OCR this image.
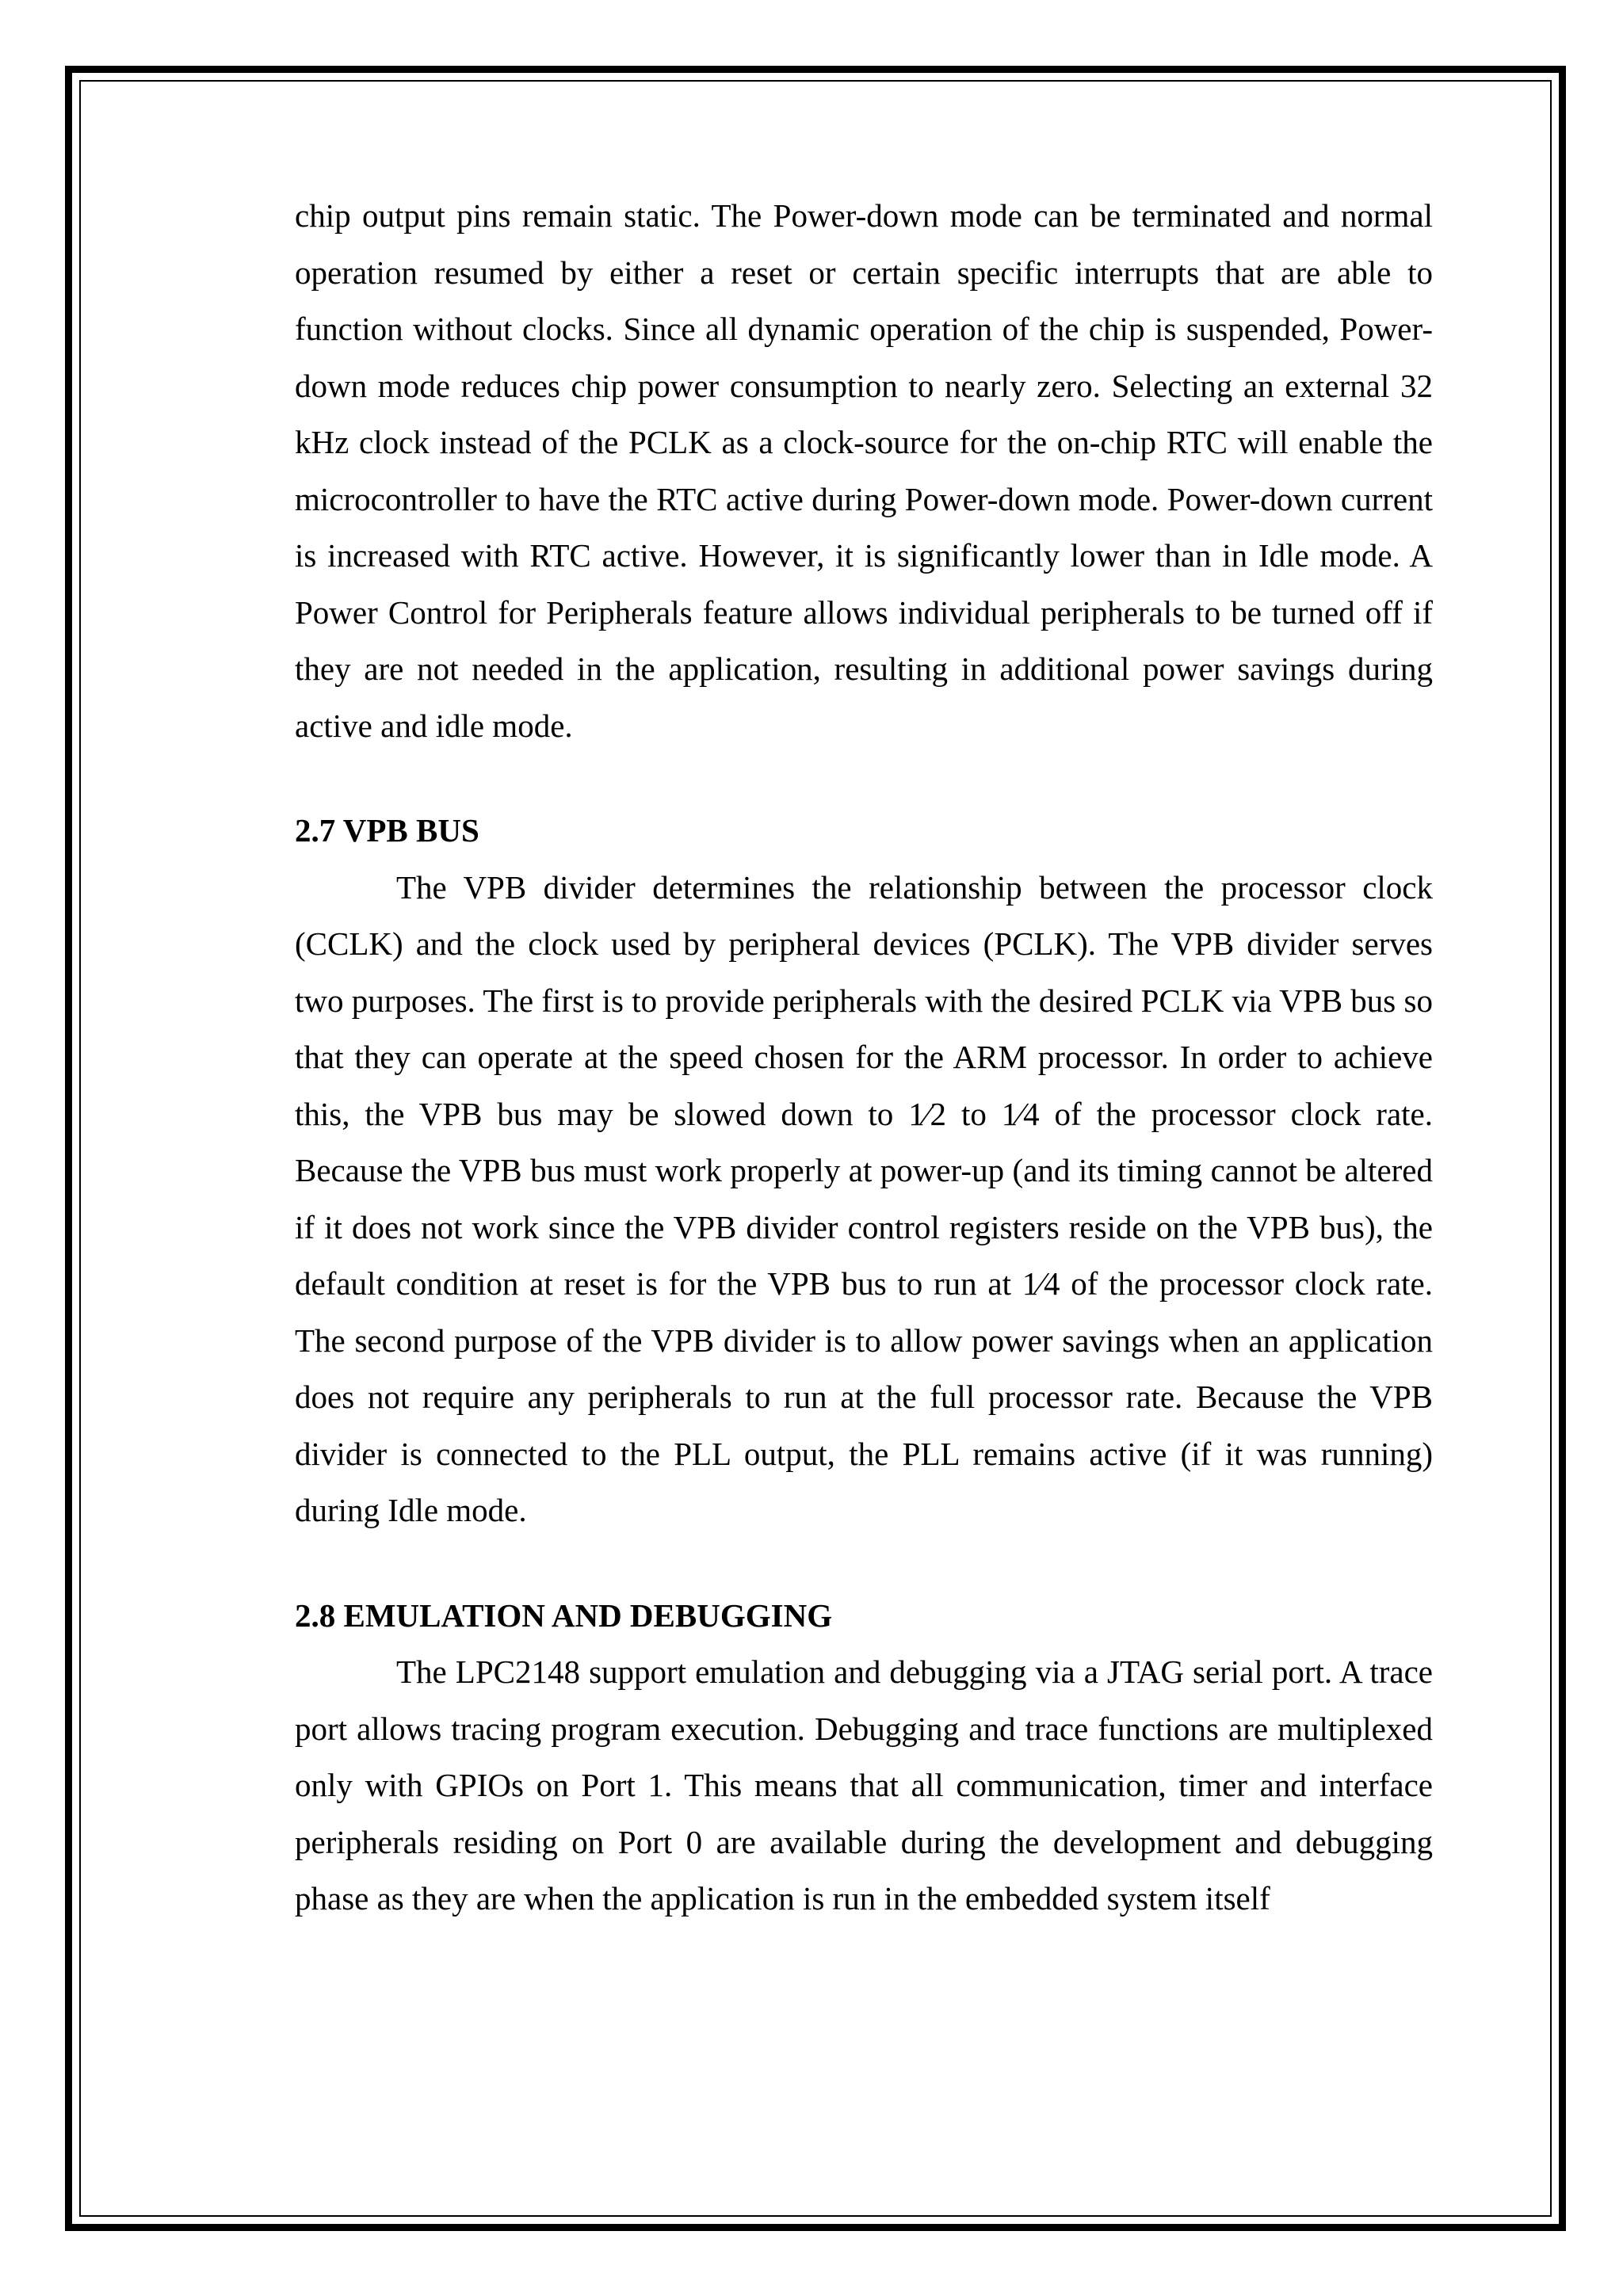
chip output pins remain static. The Power-down mode can be terminated and normal operation resumed by either a reset or certain specific interrupts that are able to function without clocks. Since all dynamic operation of the chip is suspended, Power-down mode reduces chip power consumption to nearly zero. Selecting an external 32 kHz clock instead of the PCLK as a clock-source for the on-chip RTC will enable the microcontroller to have the RTC active during Power-down mode. Power-down current is increased with RTC active. However, it is significantly lower than in Idle mode. A Power Control for Peripherals feature allows individual peripherals to be turned off if they are not needed in the application, resulting in additional power savings during active and idle mode.

2.7 VPB BUS

The VPB divider determines the relationship between the processor clock (CCLK) and the clock used by peripheral devices (PCLK). The VPB divider serves two purposes. The first is to provide peripherals with the desired PCLK via VPB bus so that they can operate at the speed chosen for the ARM processor. In order to achieve this, the VPB bus may be slowed down to 1⁄2 to 1⁄4 of the processor clock rate. Because the VPB bus must work properly at power-up (and its timing cannot be altered if it does not work since the VPB divider control registers reside on the VPB bus), the default condition at reset is for the VPB bus to run at 1⁄4 of the processor clock rate. The second purpose of the VPB divider is to allow power savings when an application does not require any peripherals to run at the full processor rate. Because the VPB divider is connected to the PLL output, the PLL remains active (if it was running) during Idle mode.

2.8 EMULATION AND DEBUGGING

The LPC2148 support emulation and debugging via a JTAG serial port. A trace port allows tracing program execution. Debugging and trace functions are multiplexed only with GPIOs on Port 1. This means that all communication, timer and interface peripherals residing on Port 0 are available during the development and debugging phase as they are when the application is run in the embedded system itself
